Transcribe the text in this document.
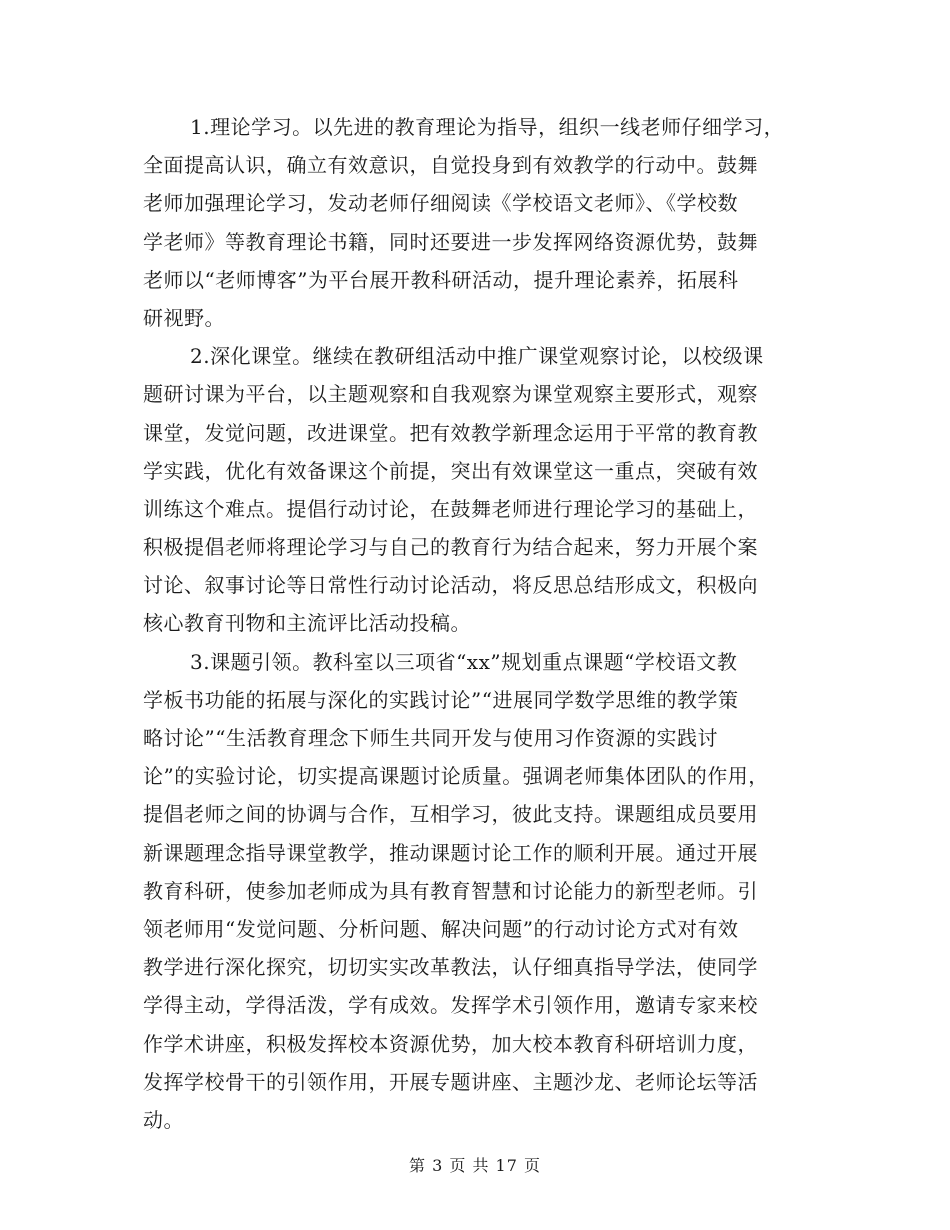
1.理论学习。以先进的教育理论为指导，组织一线老师仔细学习，
全面提高认识，确立有效意识，自觉投身到有效教学的行动中。鼓舞
老师加强理论学习，发动老师仔细阅读《学校语文老师》、《学校数
学老师》等教育理论书籍，同时还要进一步发挥网络资源优势，鼓舞
老师以“老师博客”为平台展开教科研活动，提升理论素养，拓展科
研视野。
2.深化课堂。继续在教研组活动中推广课堂观察讨论，以校级课
题研讨课为平台，以主题观察和自我观察为课堂观察主要形式，观察
课堂，发觉问题，改进课堂。把有效教学新理念运用于平常的教育教
学实践，优化有效备课这个前提，突出有效课堂这一重点，突破有效
训练这个难点。提倡行动讨论，在鼓舞老师进行理论学习的基础上，
积极提倡老师将理论学习与自己的教育行为结合起来，努力开展个案
讨论、叙事讨论等日常性行动讨论活动，将反思总结形成文，积极向
核心教育刊物和主流评比活动投稿。
3.课题引领。教科室以三项省“xx”规划重点课题“学校语文教
学板书功能的拓展与深化的实践讨论”“进展同学数学思维的教学策
略讨论”“生活教育理念下师生共同开发与使用习作资源的实践讨
论”的实验讨论，切实提高课题讨论质量。强调老师集体团队的作用，
提倡老师之间的协调与合作，互相学习，彼此支持。课题组成员要用
新课题理念指导课堂教学，推动课题讨论工作的顺利开展。通过开展
教育科研，使参加老师成为具有教育智慧和讨论能力的新型老师。引
领老师用“发觉问题、分析问题、解决问题”的行动讨论方式对有效
教学进行深化探究，切切实实改革教法，认仔细真指导学法，使同学
学得主动，学得活泼，学有成效。发挥学术引领作用，邀请专家来校
作学术讲座，积极发挥校本资源优势，加大校本教育科研培训力度，
发挥学校骨干的引领作用，开展专题讲座、主题沙龙、老师论坛等活
动。
第 3 页 共 17 页
